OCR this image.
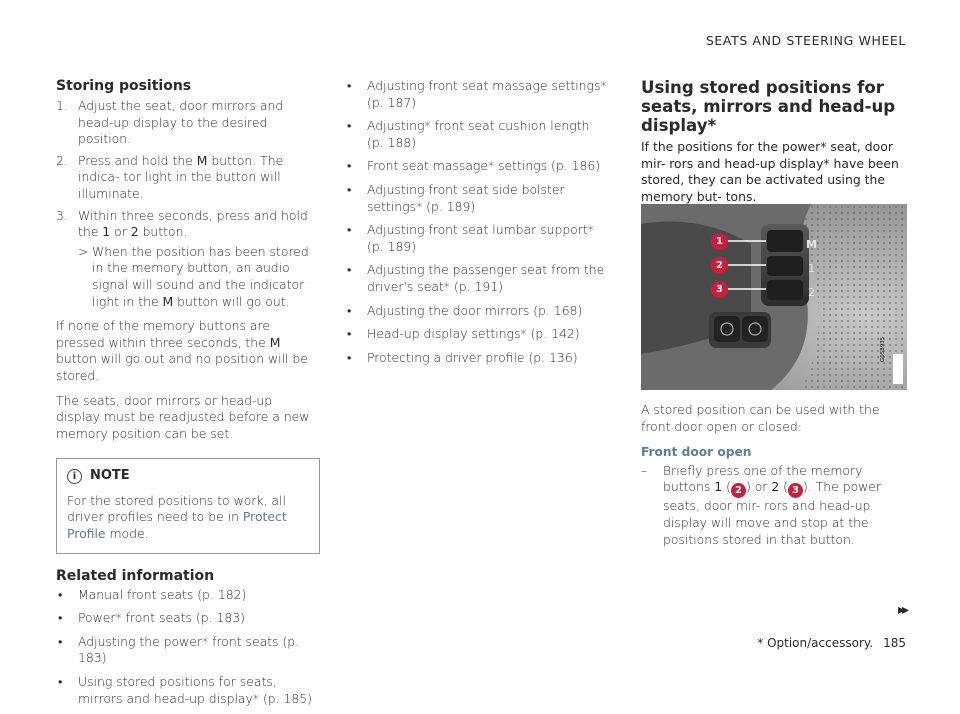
SEATS AND STEERING WHEEL
Storing positions
1. Adjust the seat, door mirrors and head-up display to the desired position.
2. Press and hold the M button. The indica- tor light in the button will illuminate.
3. Within three seconds, press and hold the 1 or 2 button.
> When the position has been stored in the memory button, an audio signal will sound and the indicator light in the M button will go out.

If none of the memory buttons are pressed within three seconds, the M button will go out and no position will be stored.

The seats, door mirrors or head-up display must be readjusted before a new memory position can be set.

i	NOTE
For the stored positions to work, all driver profiles need to be in Protect Profile mode.
Related information
• Manual front seats (p. 182)
• Power* front seats (p. 183)
• Adjusting the power* front seats (p. 183)
• Using stored positions for seats, mirrors and head-up display* (p. 185)
• Adjusting front seat massage settings* (p. 187)
• Adjusting* front seat cushion length (p. 188)
• Front seat massage* settings (p. 186)
• Adjusting front seat side bolster settings* (p. 189)
• Adjusting front seat lumbar support* (p. 189)
• Adjusting the passenger seat from the driver's seat* (p. 191)
• Adjusting the door mirrors (p. 168)
• Head-up display settings* (p. 142)
• Protecting a driver profile (p. 136)
Using stored positions for seats, mirrors and head-up display*

If the positions for the power* seat, door mir- rors and head-up display* have been stored, they can be activated using the memory but- tons.

M
1
2
1
2
3
G058935

A stored position can be used with the front door open or closed:

Front door open
– Briefly press one of the memory buttons 1 ( 2 ) or 2 ( 3 ). The power seats, door mir- rors and head-up display will move and stop at the positions stored in that button.
▸▸
* Option/accessory. 185
